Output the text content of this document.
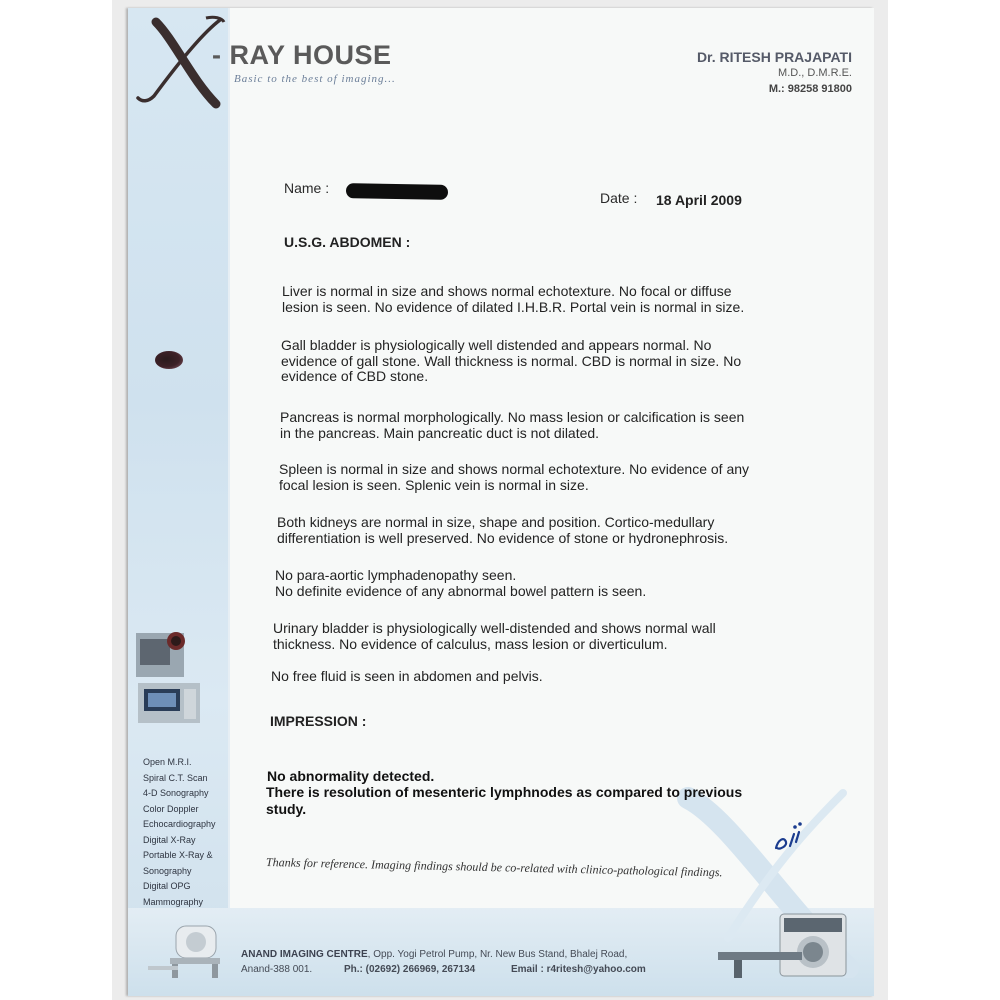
- RAY HOUSE
Basic to the best of imaging...
Dr. RITESH PRAJAPATI
M.D., D.M.R.E.
M.: 98258 91800
Open M.R.I.
Spiral C.T. Scan
4-D Sonography
Color Doppler
Echocardiography
Digital X-Ray
Portable X-Ray &
Sonography
Digital OPG
Mammography
Name :
Date : 18 April 2009
U.S.G. ABDOMEN :
Liver is normal in size and shows normal echotexture. No focal or diffuse
lesion is seen. No evidence of dilated I.H.B.R. Portal vein is normal in size.
Gall bladder is physiologically well distended and appears normal. No
evidence of gall stone. Wall thickness is normal. CBD is normal in size. No
evidence of CBD stone.
Pancreas is normal morphologically. No mass lesion or calcification is seen
in the pancreas. Main pancreatic duct is not dilated.
Spleen is normal in size and shows normal echotexture. No evidence of any
focal lesion is seen. Splenic vein is normal in size.
Both kidneys are normal in size, shape and position. Cortico-medullary
differentiation is well preserved. No evidence of stone or hydronephrosis.
No para-aortic lymphadenopathy seen.
No definite evidence of any abnormal bowel pattern is seen.
Urinary bladder is physiologically well-distended and shows normal wall
thickness. No evidence of calculus, mass lesion or diverticulum.
No free fluid is seen in abdomen and pelvis.
IMPRESSION :
No abnormality detected.
There is resolution of mesenteric lymphnodes as compared to previous
study.
Thanks for reference. Imaging findings should be co-related with clinico-pathological findings.
ANAND IMAGING CENTRE, Opp. Yogi Petrol Pump, Nr. New Bus Stand, Bhalej Road,
Anand-388 001.	Ph.: (02692) 266969, 267134	Email : r4ritesh@yahoo.com
